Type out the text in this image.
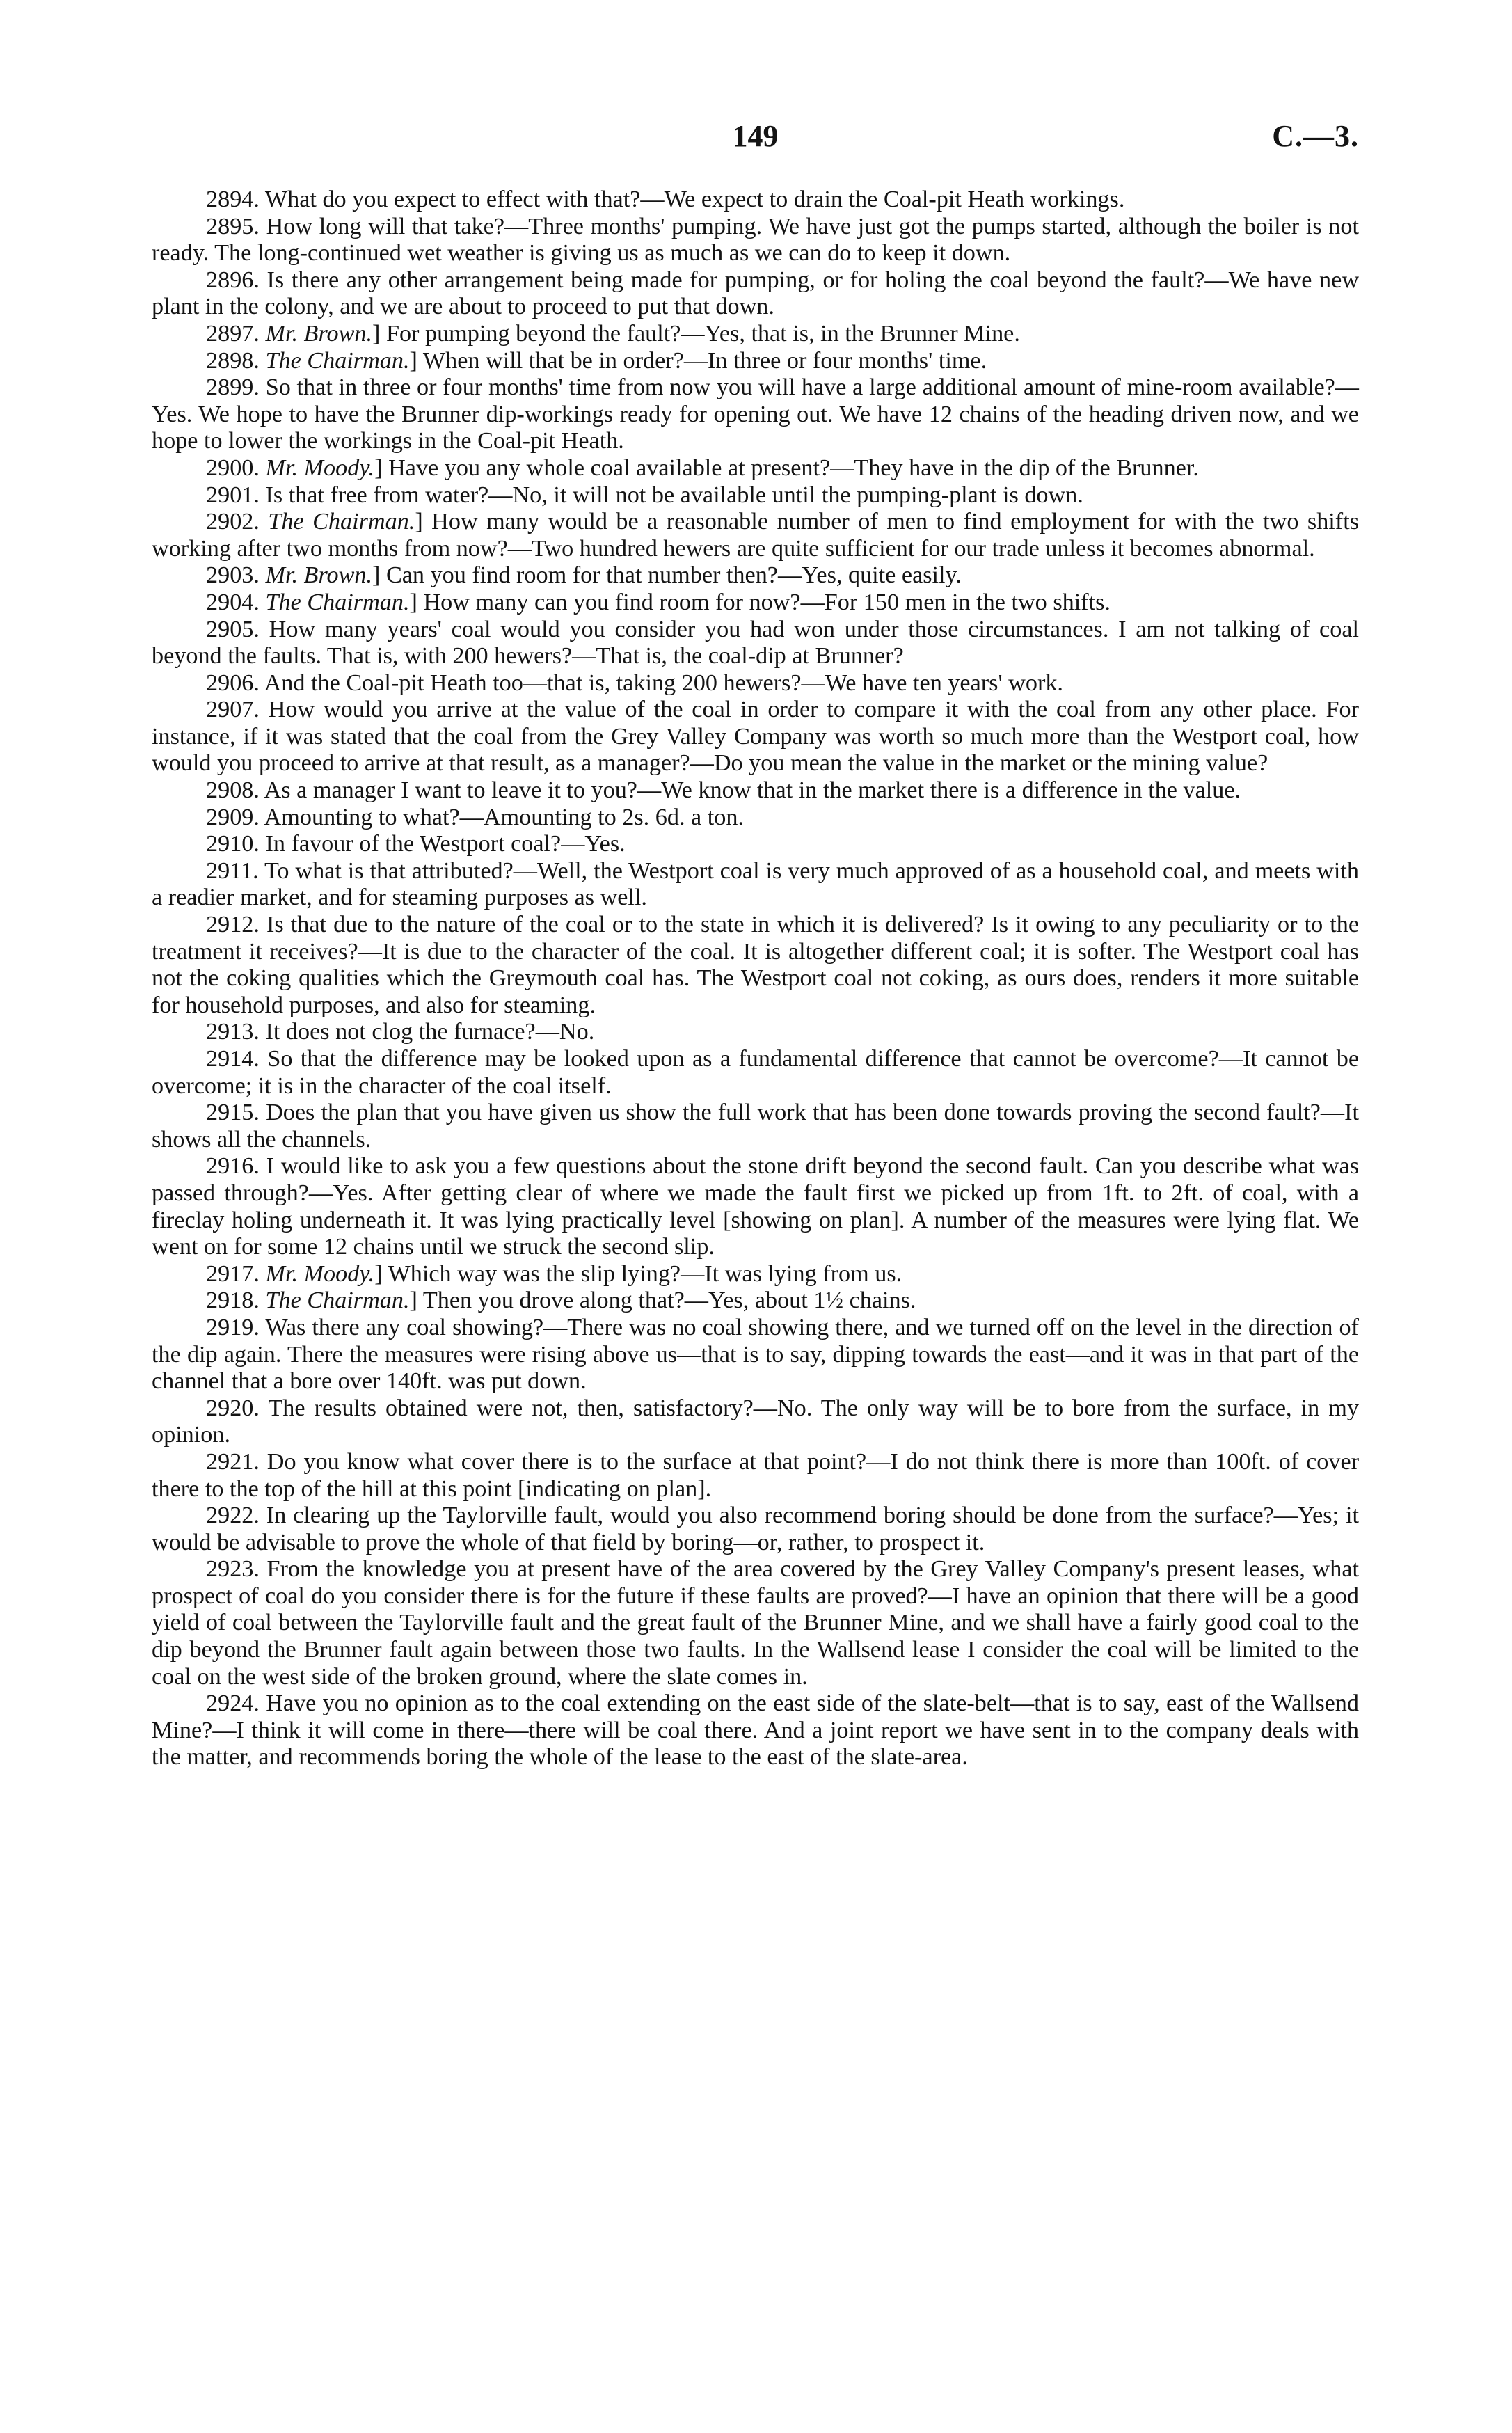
149	C.—3.

2894. What do you expect to effect with that?—We expect to drain the Coal-pit Heath workings.

2895. How long will that take?—Three months' pumping. We have just got the pumps started, although the boiler is not ready. The long-continued wet weather is giving us as much as we can do to keep it down.

2896. Is there any other arrangement being made for pumping, or for holing the coal beyond the fault?—We have new plant in the colony, and we are about to proceed to put that down.

2897. Mr. Brown.] For pumping beyond the fault?—Yes, that is, in the Brunner Mine.

2898. The Chairman.] When will that be in order?—In three or four months' time.

2899. So that in three or four months' time from now you will have a large additional amount of mine-room available?—Yes. We hope to have the Brunner dip-workings ready for opening out. We have 12 chains of the heading driven now, and we hope to lower the workings in the Coal-pit Heath.

2900. Mr. Moody.] Have you any whole coal available at present?—They have in the dip of the Brunner.

2901. Is that free from water?—No, it will not be available until the pumping-plant is down.

2902. The Chairman.] How many would be a reasonable number of men to find employment for with the two shifts working after two months from now?—Two hundred hewers are quite sufficient for our trade unless it becomes abnormal.

2903. Mr. Brown.] Can you find room for that number then?—Yes, quite easily.

2904. The Chairman.] How many can you find room for now?—For 150 men in the two shifts.

2905. How many years' coal would you consider you had won under those circumstances. I am not talking of coal beyond the faults. That is, with 200 hewers?—That is, the coal-dip at Brunner?

2906. And the Coal-pit Heath too—that is, taking 200 hewers?—We have ten years' work.

2907. How would you arrive at the value of the coal in order to compare it with the coal from any other place. For instance, if it was stated that the coal from the Grey Valley Company was worth so much more than the Westport coal, how would you proceed to arrive at that result, as a manager?—Do you mean the value in the market or the mining value?

2908. As a manager I want to leave it to you?—We know that in the market there is a difference in the value.

2909. Amounting to what?—Amounting to 2s. 6d. a ton.

2910. In favour of the Westport coal?—Yes.

2911. To what is that attributed?—Well, the Westport coal is very much approved of as a household coal, and meets with a readier market, and for steaming purposes as well.

2912. Is that due to the nature of the coal or to the state in which it is delivered? Is it owing to any peculiarity or to the treatment it receives?—It is due to the character of the coal. It is altogether different coal; it is softer. The Westport coal has not the coking qualities which the Greymouth coal has. The Westport coal not coking, as ours does, renders it more suitable for household purposes, and also for steaming.

2913. It does not clog the furnace?—No.

2914. So that the difference may be looked upon as a fundamental difference that cannot be overcome?—It cannot be overcome; it is in the character of the coal itself.

2915. Does the plan that you have given us show the full work that has been done towards proving the second fault?—It shows all the channels.

2916. I would like to ask you a few questions about the stone drift beyond the second fault. Can you describe what was passed through?—Yes. After getting clear of where we made the fault first we picked up from 1ft. to 2ft. of coal, with a fireclay holing underneath it. It was lying practically level [showing on plan]. A number of the measures were lying flat. We went on for some 12 chains until we struck the second slip.

2917. Mr. Moody.] Which way was the slip lying?—It was lying from us.

2918. The Chairman.] Then you drove along that?—Yes, about 1½ chains.

2919. Was there any coal showing?—There was no coal showing there, and we turned off on the level in the direction of the dip again. There the measures were rising above us—that is to say, dipping towards the east—and it was in that part of the channel that a bore over 140ft. was put down.

2920. The results obtained were not, then, satisfactory?—No. The only way will be to bore from the surface, in my opinion.

2921. Do you know what cover there is to the surface at that point?—I do not think there is more than 100ft. of cover there to the top of the hill at this point [indicating on plan].

2922. In clearing up the Taylorville fault, would you also recommend boring should be done from the surface?—Yes; it would be advisable to prove the whole of that field by boring—or, rather, to prospect it.

2923. From the knowledge you at present have of the area covered by the Grey Valley Company's present leases, what prospect of coal do you consider there is for the future if these faults are proved?—I have an opinion that there will be a good yield of coal between the Taylorville fault and the great fault of the Brunner Mine, and we shall have a fairly good coal to the dip beyond the Brunner fault again between those two faults. In the Wallsend lease I consider the coal will be limited to the coal on the west side of the broken ground, where the slate comes in.

2924. Have you no opinion as to the coal extending on the east side of the slate-belt—that is to say, east of the Wallsend Mine?—I think it will come in there—there will be coal there. And a joint report we have sent in to the company deals with the matter, and recommends boring the whole of the lease to the east of the slate-area.
